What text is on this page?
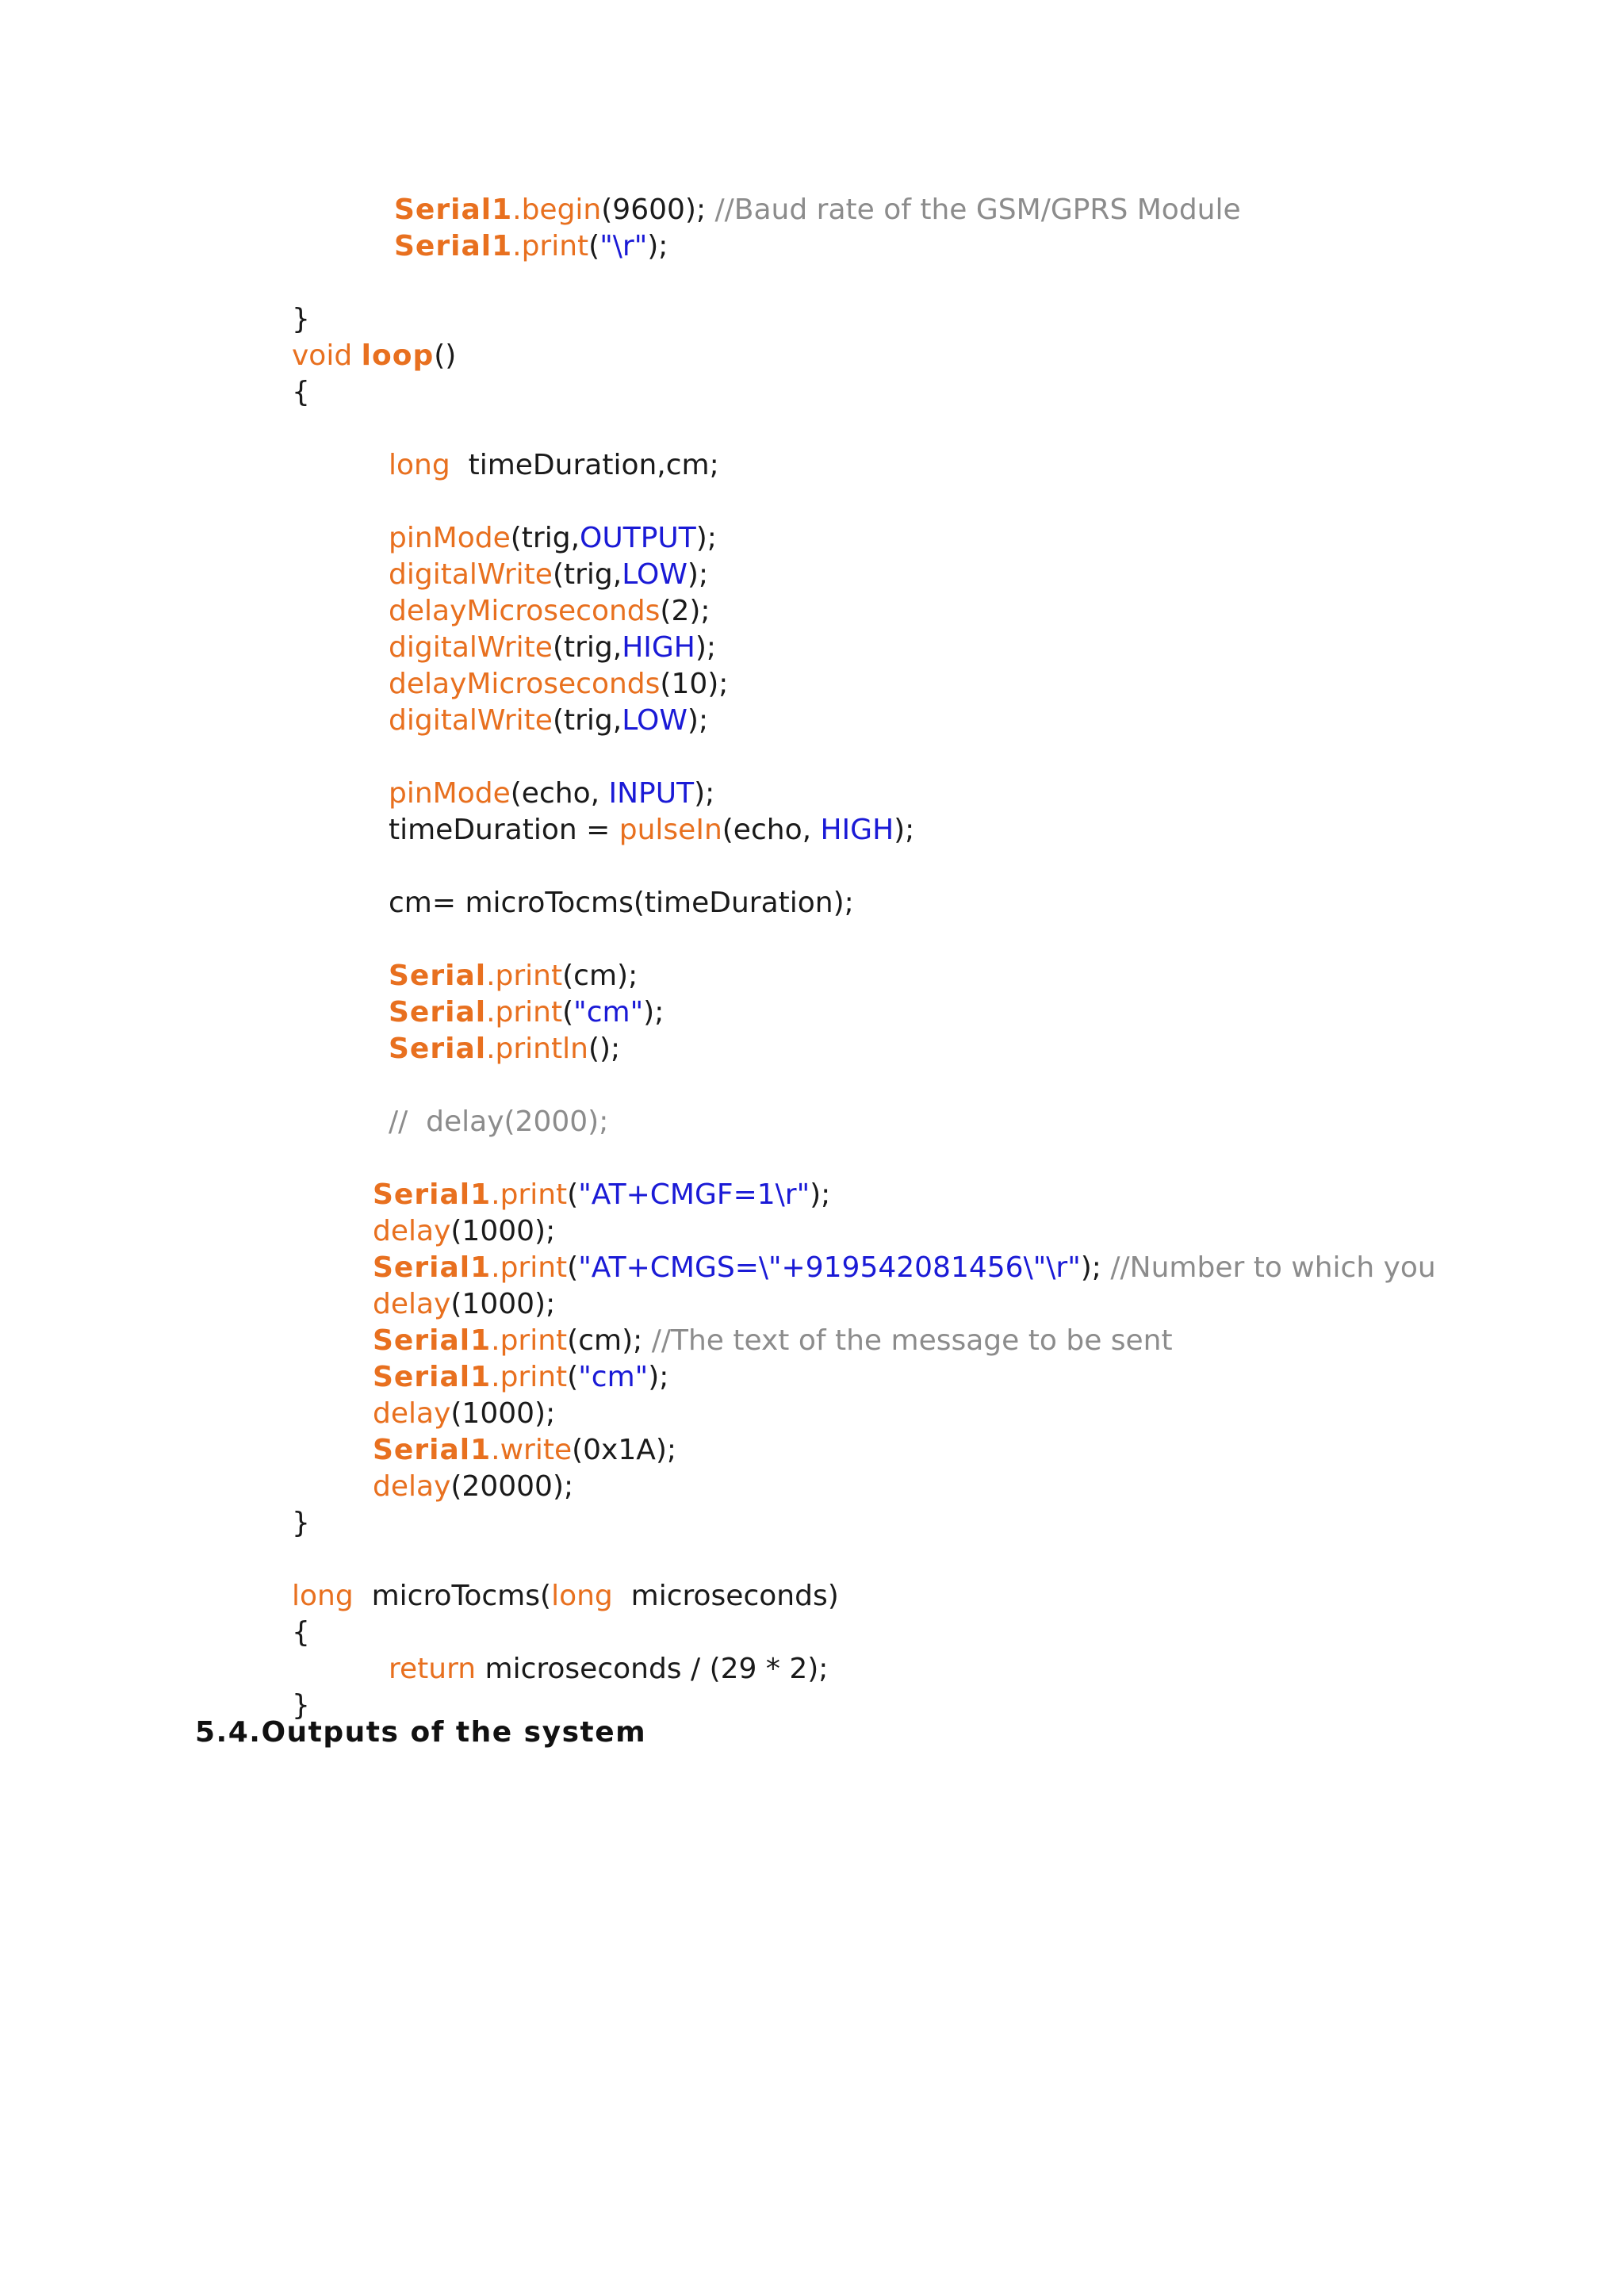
Serial1.begin(9600); //Baud rate of the GSM/GPRS Module
Serial1.print("\r");
}
void loop()
{
long  timeDuration,cm;
pinMode(trig,OUTPUT);
digitalWrite(trig,LOW);
delayMicroseconds(2);
digitalWrite(trig,HIGH);
delayMicroseconds(10);
digitalWrite(trig,LOW);
pinMode(echo, INPUT);
timeDuration = pulseIn(echo, HIGH);
cm= microTocms(timeDuration);
Serial.print(cm);
Serial.print("cm");
Serial.println();
//  delay(2000);
Serial1.print("AT+CMGF=1\r");
delay(1000);
Serial1.print("AT+CMGS=\"+919542081456\"\r"); //Number to which you
delay(1000);
Serial1.print(cm); //The text of the message to be sent
Serial1.print("cm");
delay(1000);
Serial1.write(0x1A);
delay(20000);
}
long  microTocms(long  microseconds)
{
return microseconds / (29 * 2);
}
5.4.Outputs of the system
